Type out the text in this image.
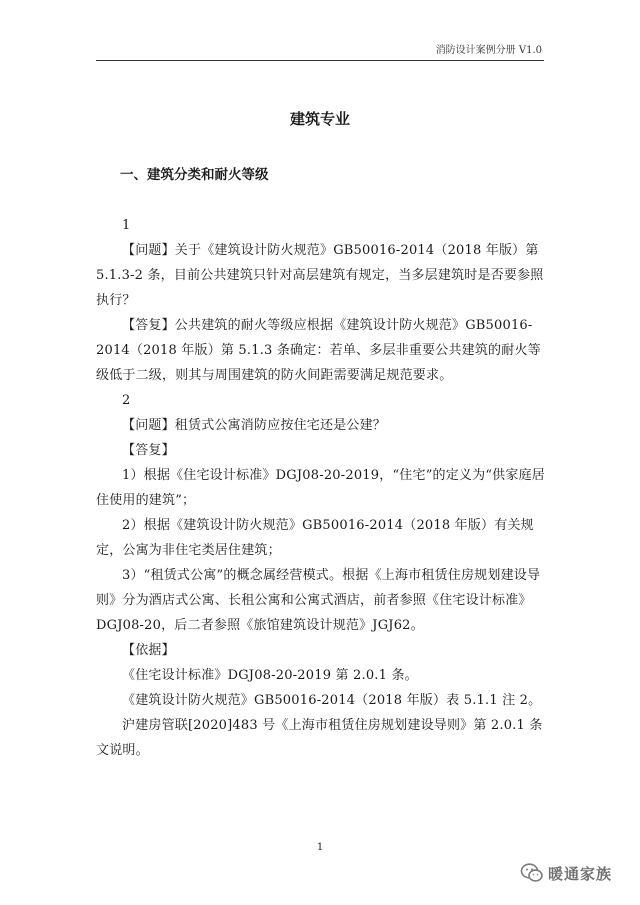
消防设计案例分册 V1.0
建筑专业
一、建筑分类和耐火等级

1

【问题】关于《建筑设计防火规范》GB50016-2014（2018 年版）第 5.1.3-2 条，目前公共建筑只针对高层建筑有规定，当多层建筑时是否要参照执行？

【答复】公共建筑的耐火等级应根据《建筑设计防火规范》GB50016-2014（2018 年版）第 5.1.3 条确定：若单、多层非重要公共建筑的耐火等级低于二级，则其与周围建筑的防火间距需要满足规范要求。

2

【问题】租赁式公寓消防应按住宅还是公建？

【答复】

1）根据《住宅设计标准》DGJ08-20-2019，“住宅”的定义为“供家庭居住使用的建筑”；

2）根据《建筑设计防火规范》GB50016-2014（2018 年版）有关规定，公寓为非住宅类居住建筑；

3）“租赁式公寓”的概念属经营模式。根据《上海市租赁住房规划建设导则》分为酒店式公寓、长租公寓和公寓式酒店，前者参照《住宅设计标准》DGJ08-20，后二者参照《旅馆建筑设计规范》JGJ62。

【依据】

《住宅设计标准》DGJ08-20-2019 第 2.0.1 条。

《建筑设计防火规范》GB50016-2014（2018 年版）表 5.1.1 注 2。

沪建房管联[2020]483 号《上海市租赁住房规划建设导则》第 2.0.1 条文说明。

1
暖通家族
